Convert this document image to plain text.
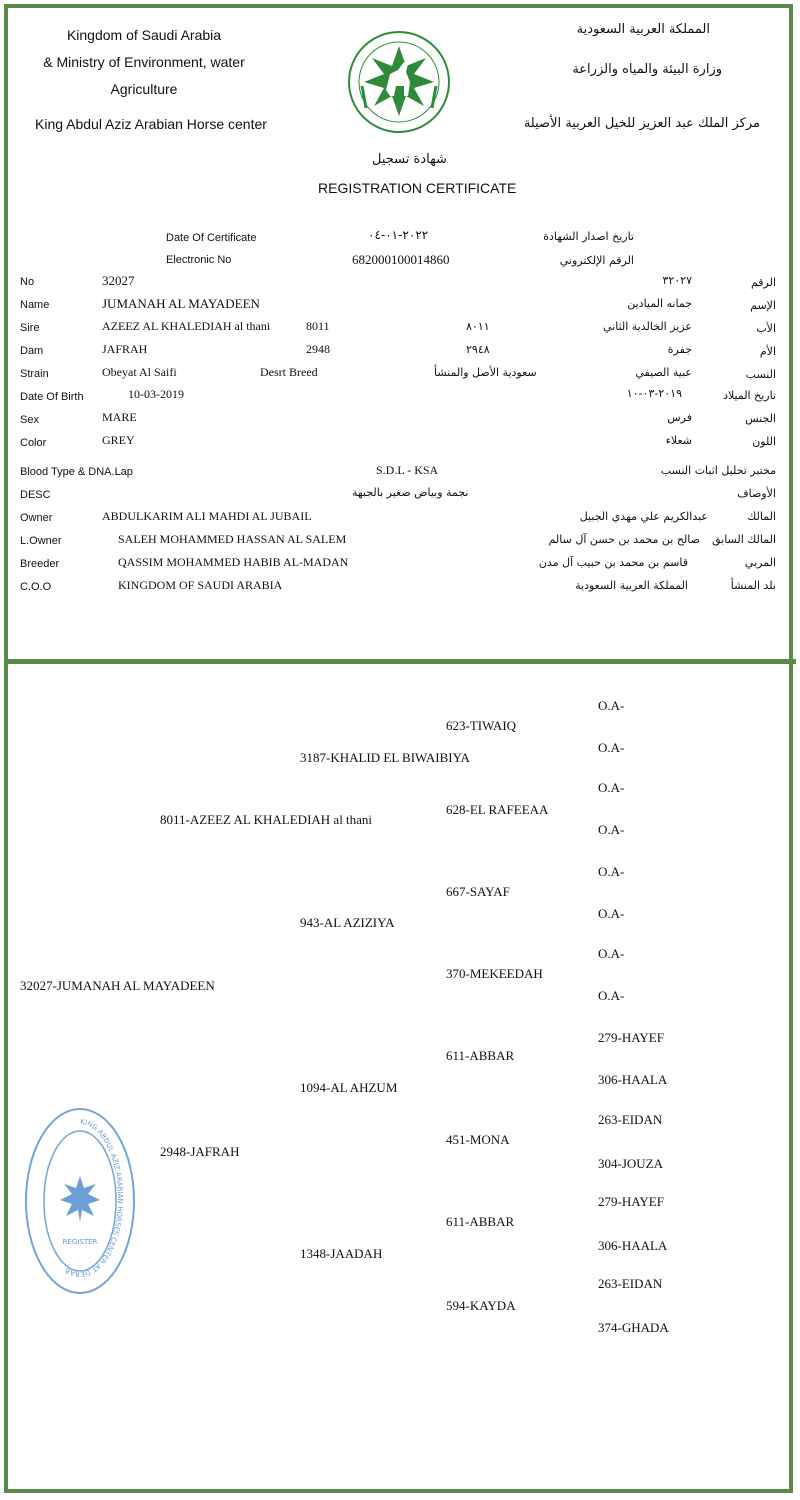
Kingdom of Saudi Arabia
& Ministry of Environment, water
Agriculture
King Abdul Aziz Arabian Horse center
المملكة العربية السعودية
وزارة البيئة والمياه والزراعة
مركز الملك عبد العزيز للخيل العربية الأصيلة
شهادة تسجيل
REGISTRATION CERTIFICATE
Date Of Certificate	٢٠٢٢-٠١-٠٤	تاريخ اصدار الشهادة
Electronic No	682000100014860	الرقم الإلكتروني
No	32027	٣٢٠٢٧	الرقم
Name	JUMANAH AL MAYADEEN	جمانه الميادين	الإسم
Sire	AZEEZ AL KHALEDIAH al thani	8011	٨٠١١	عزيز الخالدية الثاني	الأب
Dam	JAFRAH	2948	٢٩٤٨	جفرة	الأم
Strain	Obeyat Al Saifi	Desrt Breed	سعودية الأصل والمنشأ	عبية الصيفي	النسب
Date Of Birth	10-03-2019	٢٠١٩-٠٣-١٠	تاريخ الميلاد
Sex	MARE	فرس	الجنس
Color	GREY	شعلاء	اللون
Blood Type & DNA.Lap	S.D.L - KSA	مختبر تحليل اثبات النسب
DESC	نجمة وبياض صغير بالجبهة	الأوصاف
Owner	ABDULKARIM ALI MAHDI AL JUBAIL	عبدالكريم علي مهدي الجبيل	المالك
L.Owner	SALEH MOHAMMED HASSAN AL SALEM	صالح بن محمد بن حسن آل سالم المالك السابق
Breeder	QASSIM MOHAMMED HABIB AL-MADAN	قاسم بن محمد بن حبيب آل مدن	المربي
C.O.O	KINGDOM OF SAUDI ARABIA	المملكة العربية السعودية	بلد المنشأ
32027-JUMANAH AL MAYADEEN
8011-AZEEZ AL KHALEDIAH al thani
2948-JAFRAH
3187-KHALID EL BIWAIBIYA
943-AL AZIZIYA
1094-AL AHZUM
1348-JAADAH
623-TIWAIQ
628-EL RAFEEAA
667-SAYAF
370-MEKEEDAH
611-ABBAR
451-MONA
611-ABBAR
594-KAYDA
O.A-
O.A-
O.A-
O.A-
O.A-
O.A-
O.A-
O.A-
279-HAYEF
306-HAALA
263-EIDAN
304-JOUZA
279-HAYEF
306-HAALA
263-EIDAN
374-GHADA
KING ABDUL AZIZ ARABIAN HORSES CENTER AT DERAB
REGISTER
